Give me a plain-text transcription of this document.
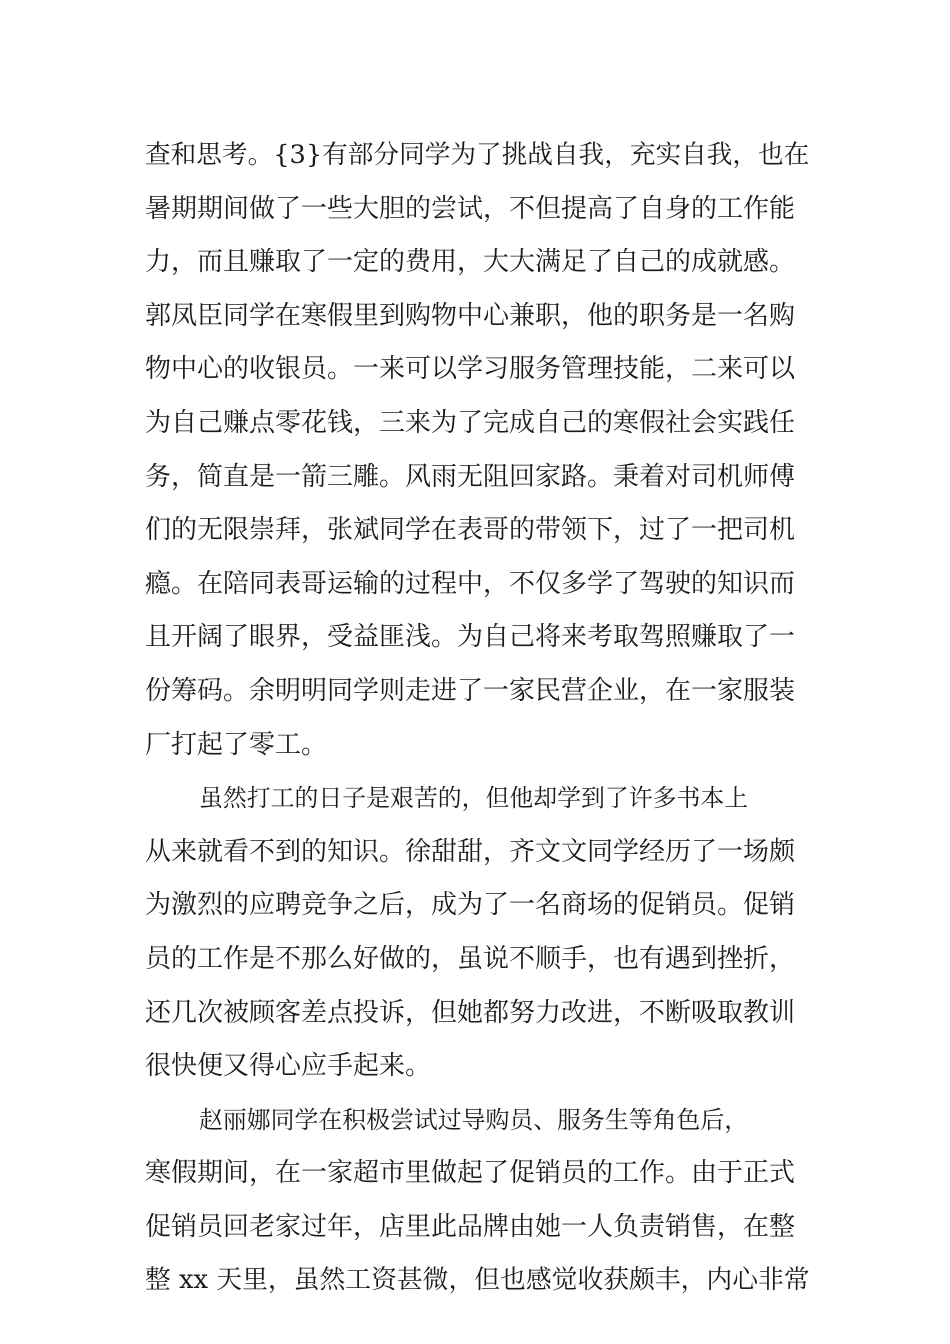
查和思考。{3}有部分同学为了挑战自我，充实自我，也在
暑期期间做了一些大胆的尝试，不但提高了自身的工作能
力，而且赚取了一定的费用，大大满足了自己的成就感。
郭凤臣同学在寒假里到购物中心兼职，他的职务是一名购
物中心的收银员。一来可以学习服务管理技能，二来可以
为自己赚点零花钱，三来为了完成自己的寒假社会实践任
务，简直是一箭三雕。风雨无阻回家路。秉着对司机师傅
们的无限崇拜，张斌同学在表哥的带领下，过了一把司机
瘾。在陪同表哥运输的过程中，不仅多学了驾驶的知识而
且开阔了眼界，受益匪浅。为自己将来考取驾照赚取了一
份筹码。余明明同学则走进了一家民营企业，在一家服装
厂打起了零工。
虽然打工的日子是艰苦的，但他却学到了许多书本上
从来就看不到的知识。徐甜甜，齐文文同学经历了一场颇
为激烈的应聘竞争之后，成为了一名商场的促销员。促销
员的工作是不那么好做的，虽说不顺手，也有遇到挫折，
还几次被顾客差点投诉，但她都努力改进，不断吸取教训
很快便又得心应手起来。
赵丽娜同学在积极尝试过导购员、服务生等角色后，
寒假期间，在一家超市里做起了促销员的工作。由于正式
促销员回老家过年，店里此品牌由她一人负责销售，在整
整 xx 天里，虽然工资甚微，但也感觉收获颇丰，内心非常
